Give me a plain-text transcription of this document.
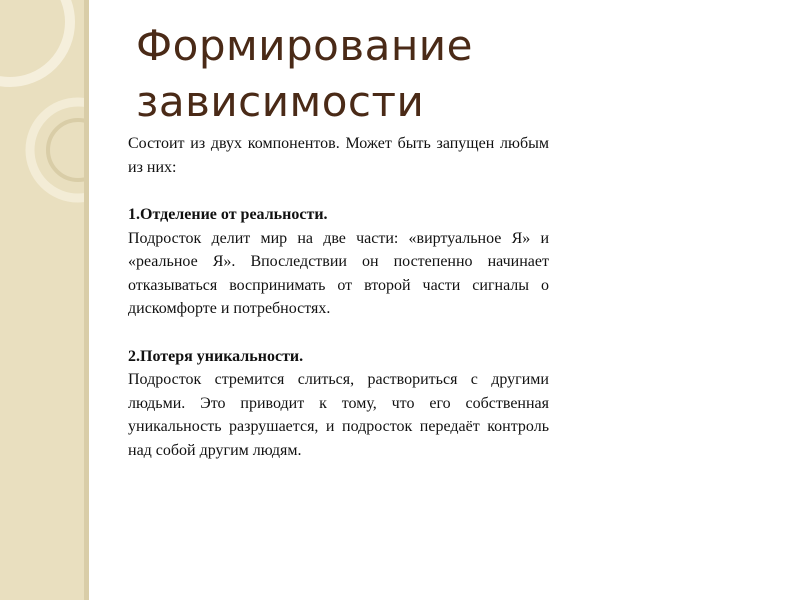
Формирование
зависимости

Состоит из двух компонентов. Может быть запущен любым из них:

1.Отделение от реальности.

Подросток делит мир на две части: «виртуальное Я» и «реальное Я». Впоследствии он постепенно начинает отказываться воспринимать от второй части сигналы о дискомфорте и потребностях.

2.Потеря уникальности.

Подросток стремится слиться, раствориться с другими людьми. Это приводит к тому, что его собственная уникальность разрушается, и подросток передаёт контроль над собой другим людям.
